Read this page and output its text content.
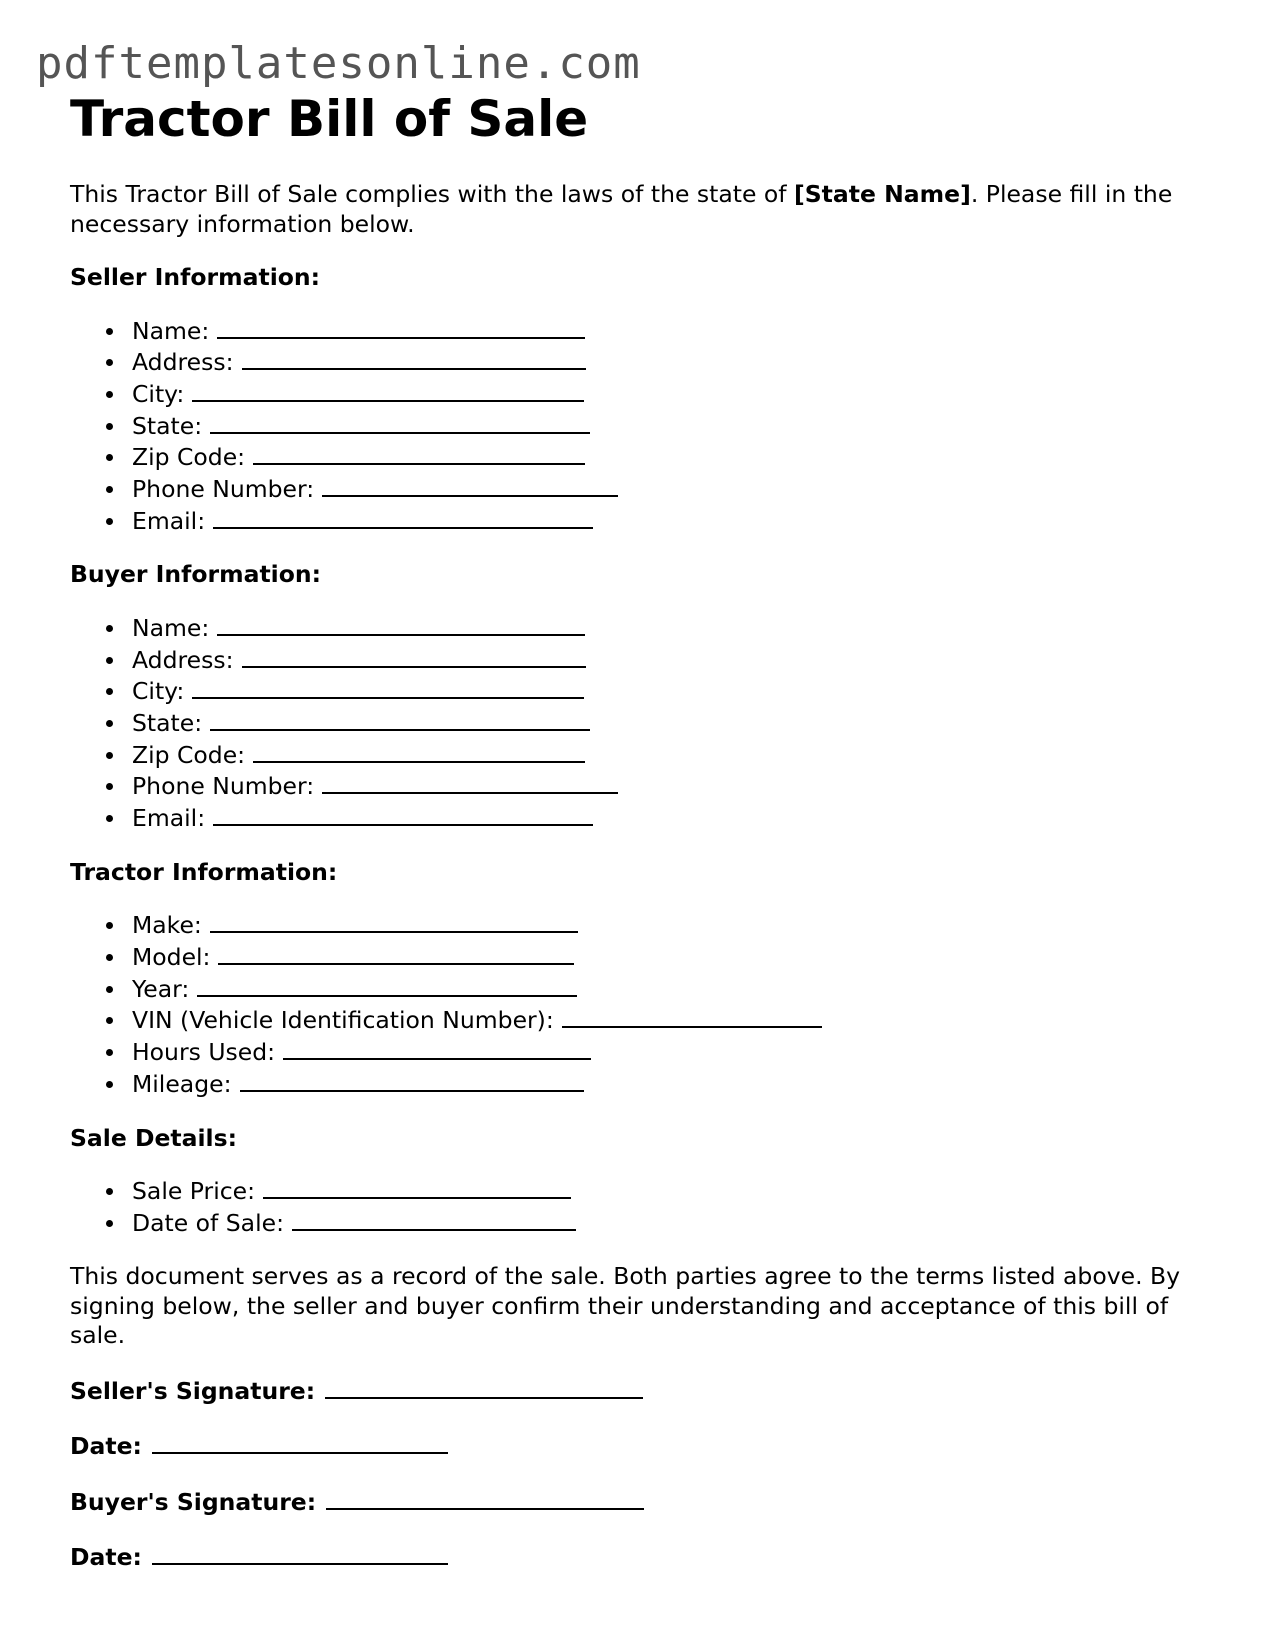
pdftemplatesonline.com
Tractor Bill of Sale

This Tractor Bill of Sale complies with the laws of the state of [State Name]. Please fill in the necessary information below.

Seller Information:
Name:
Address:
City:
State:
Zip Code:
Phone Number:
Email:
Buyer Information:
Name:
Address:
City:
State:
Zip Code:
Phone Number:
Email:
Tractor Information:
Make:
Model:
Year:
VIN (Vehicle Identification Number):
Hours Used:
Mileage:
Sale Details:
Sale Price:
Date of Sale:

This document serves as a record of the sale. Both parties agree to the terms listed above. By signing below, the seller and buyer confirm their understanding and acceptance of this bill of sale.

Seller's Signature:

Date:

Buyer's Signature:

Date:
